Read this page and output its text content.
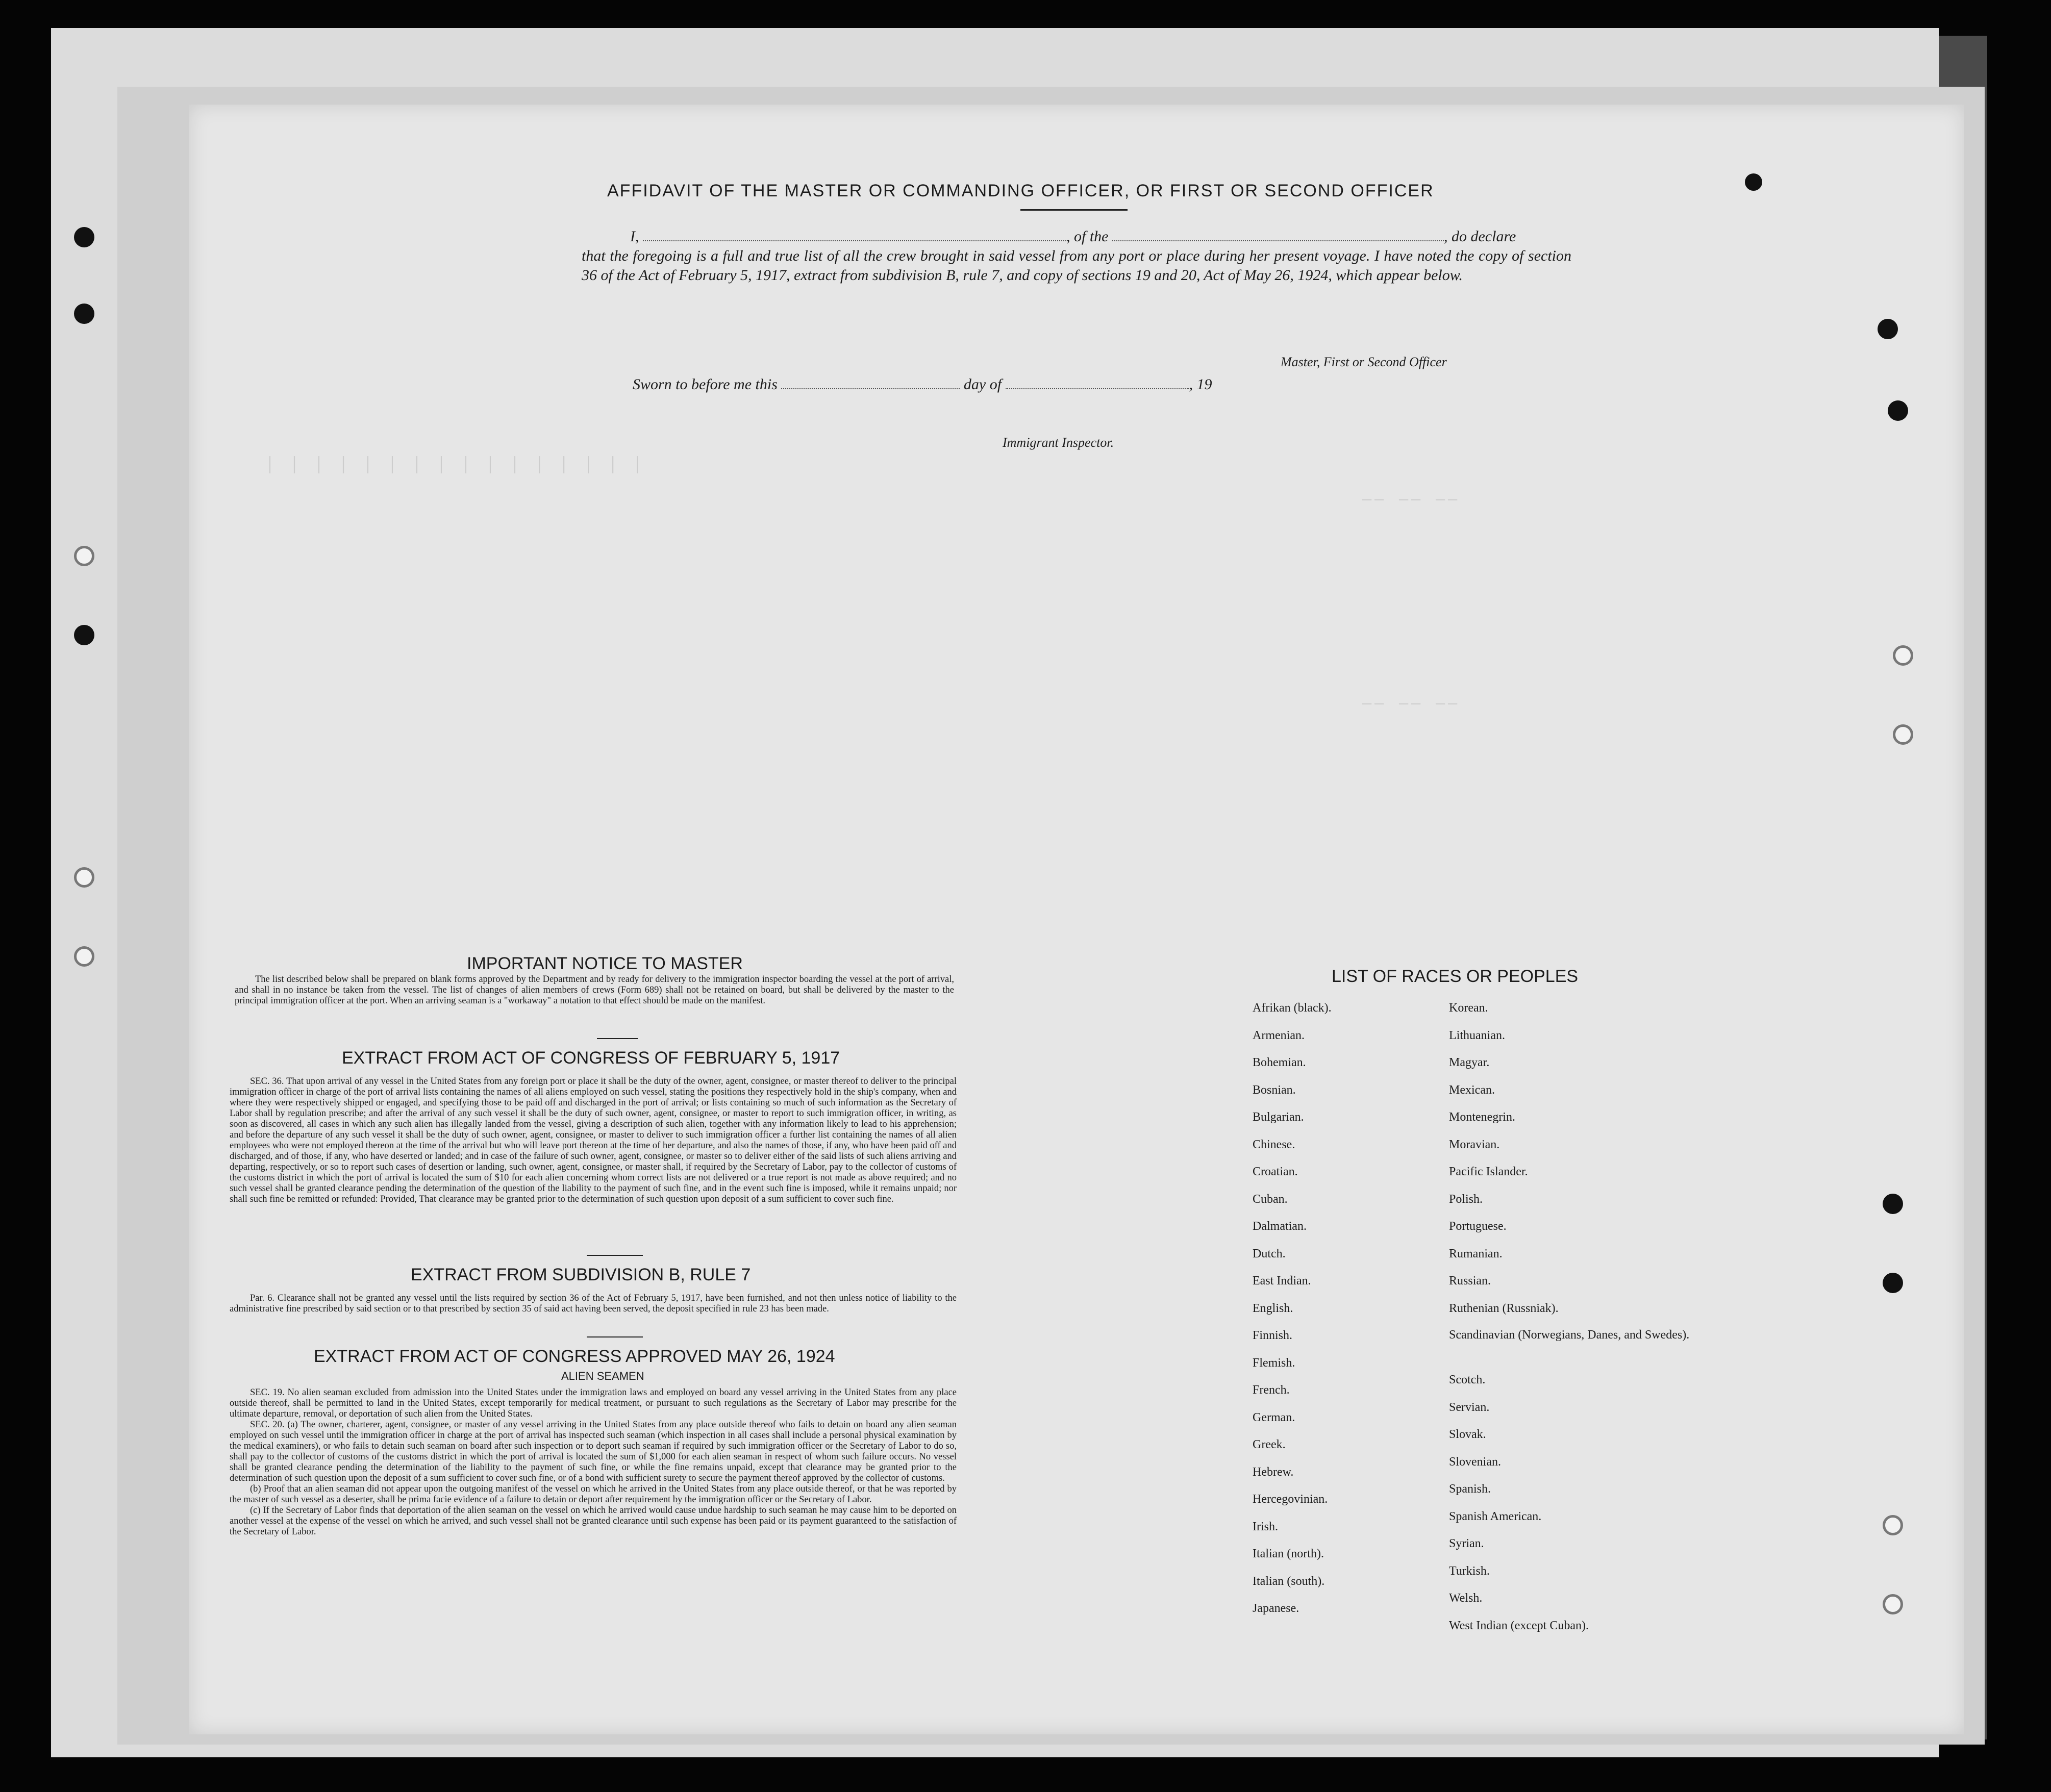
│ │ │ │ │ │ │ │ │ │ │ │ │ │ │ │
── ── ──
── ── ──
AFFIDAVIT OF THE MASTER OR COMMANDING OFFICER, OR FIRST OR SECOND OFFICER
I,	, of the	, do declare
that the foregoing is a full and true list of all the crew brought in said vessel from any port or place during her present voyage. I have noted the copy of section 36 of the Act of February 5, 1917, extract from subdivision B, rule 7, and copy of sections 19 and 20, Act of May 26, 1924, which appear below.
Master, First or Second Officer
Sworn to before me this	day of	, 19
Immigrant Inspector.
IMPORTANT NOTICE TO MASTER

The list described below shall be prepared on blank forms approved by the Department and by ready for delivery to the immigration inspector boarding the vessel at the port of arrival, and shall in no instance be taken from the vessel. The list of changes of alien members of crews (Form 689) shall not be retained on board, but shall be delivered by the master to the principal immigration officer at the port. When an arriving seaman is a "workaway" a notation to that effect should be made on the manifest.

EXTRACT FROM ACT OF CONGRESS OF FEBRUARY 5, 1917

SEC. 36. That upon arrival of any vessel in the United States from any foreign port or place it shall be the duty of the owner, agent, consignee, or master thereof to deliver to the principal immigration officer in charge of the port of arrival lists containing the names of all aliens employed on such vessel, stating the positions they respectively hold in the ship's company, when and where they were respectively shipped or engaged, and specifying those to be paid off and discharged in the port of arrival; or lists containing so much of such information as the Secretary of Labor shall by regulation prescribe; and after the arrival of any such vessel it shall be the duty of such owner, agent, consignee, or master to report to such immigration officer, in writing, as soon as discovered, all cases in which any such alien has illegally landed from the vessel, giving a description of such alien, together with any information likely to lead to his apprehension; and before the departure of any such vessel it shall be the duty of such owner, agent, consignee, or master to deliver to such immigration officer a further list containing the names of all alien employees who were not employed thereon at the time of the arrival but who will leave port thereon at the time of her departure, and also the names of those, if any, who have been paid off and discharged, and of those, if any, who have deserted or landed; and in case of the failure of such owner, agent, consignee, or master so to deliver either of the said lists of such aliens arriving and departing, respectively, or so to report such cases of desertion or landing, such owner, agent, consignee, or master shall, if required by the Secretary of Labor, pay to the collector of customs of the customs district in which the port of arrival is located the sum of $10 for each alien concerning whom correct lists are not delivered or a true report is not made as above required; and no such vessel shall be granted clearance pending the determination of the question of the liability to the payment of such fine, and in the event such fine is imposed, while it remains unpaid; nor shall such fine be remitted or refunded: Provided, That clearance may be granted prior to the determination of such question upon deposit of a sum sufficient to cover such fine.

EXTRACT FROM SUBDIVISION B, RULE 7

Par. 6. Clearance shall not be granted any vessel until the lists required by section 36 of the Act of February 5, 1917, have been furnished, and not then unless notice of liability to the administrative fine prescribed by said section or to that prescribed by section 35 of said act having been served, the deposit specified in rule 23 has been made.

EXTRACT FROM ACT OF CONGRESS APPROVED MAY 26, 1924
ALIEN SEAMEN

SEC. 19. No alien seaman excluded from admission into the United States under the immigration laws and employed on board any vessel arriving in the United States from any place outside thereof, shall be permitted to land in the United States, except temporarily for medical treatment, or pursuant to such regulations as the Secretary of Labor may prescribe for the ultimate departure, removal, or deportation of such alien from the United States.

SEC. 20. (a) The owner, charterer, agent, consignee, or master of any vessel arriving in the United States from any place outside thereof who fails to detain on board any alien seaman employed on such vessel until the immigration officer in charge at the port of arrival has inspected such seaman (which inspection in all cases shall include a personal physical examination by the medical examiners), or who fails to detain such seaman on board after such inspection or to deport such seaman if required by such immigration officer or the Secretary of Labor to do so, shall pay to the collector of customs of the customs district in which the port of arrival is located the sum of $1,000 for each alien seaman in respect of whom such failure occurs. No vessel shall be granted clearance pending the determination of the liability to the payment of such fine, or while the fine remains unpaid, except that clearance may be granted prior to the determination of such question upon the deposit of a sum sufficient to cover such fine, or of a bond with sufficient surety to secure the payment thereof approved by the collector of customs.

(b) Proof that an alien seaman did not appear upon the outgoing manifest of the vessel on which he arrived in the United States from any place outside thereof, or that he was reported by the master of such vessel as a deserter, shall be prima facie evidence of a failure to detain or deport after requirement by the immigration officer or the Secretary of Labor.

(c) If the Secretary of Labor finds that deportation of the alien seaman on the vessel on which he arrived would cause undue hardship to such seaman he may cause him to be deported on another vessel at the expense of the vessel on which he arrived, and such vessel shall not be granted clearance until such expense has been paid or its payment guaranteed to the satisfaction of the Secretary of Labor.

LIST OF RACES OR PEOPLES
Afrikan (black).
Armenian.
Bohemian.
Bosnian.
Bulgarian.
Chinese.
Croatian.
Cuban.
Dalmatian.
Dutch.
East Indian.
English.
Finnish.
Flemish.
French.
German.
Greek.
Hebrew.
Hercegovinian.
Irish.
Italian (north).
Italian (south).
Japanese.
Korean.
Lithuanian.
Magyar.
Mexican.
Montenegrin.
Moravian.
Pacific Islander.
Polish.
Portuguese.
Rumanian.
Russian.
Ruthenian (Russniak).
Scandinavian (Norwegians, Danes, and Swedes).
Scotch.
Servian.
Slovak.
Slovenian.
Spanish.
Spanish American.
Syrian.
Turkish.
Welsh.
West Indian (except Cuban).
